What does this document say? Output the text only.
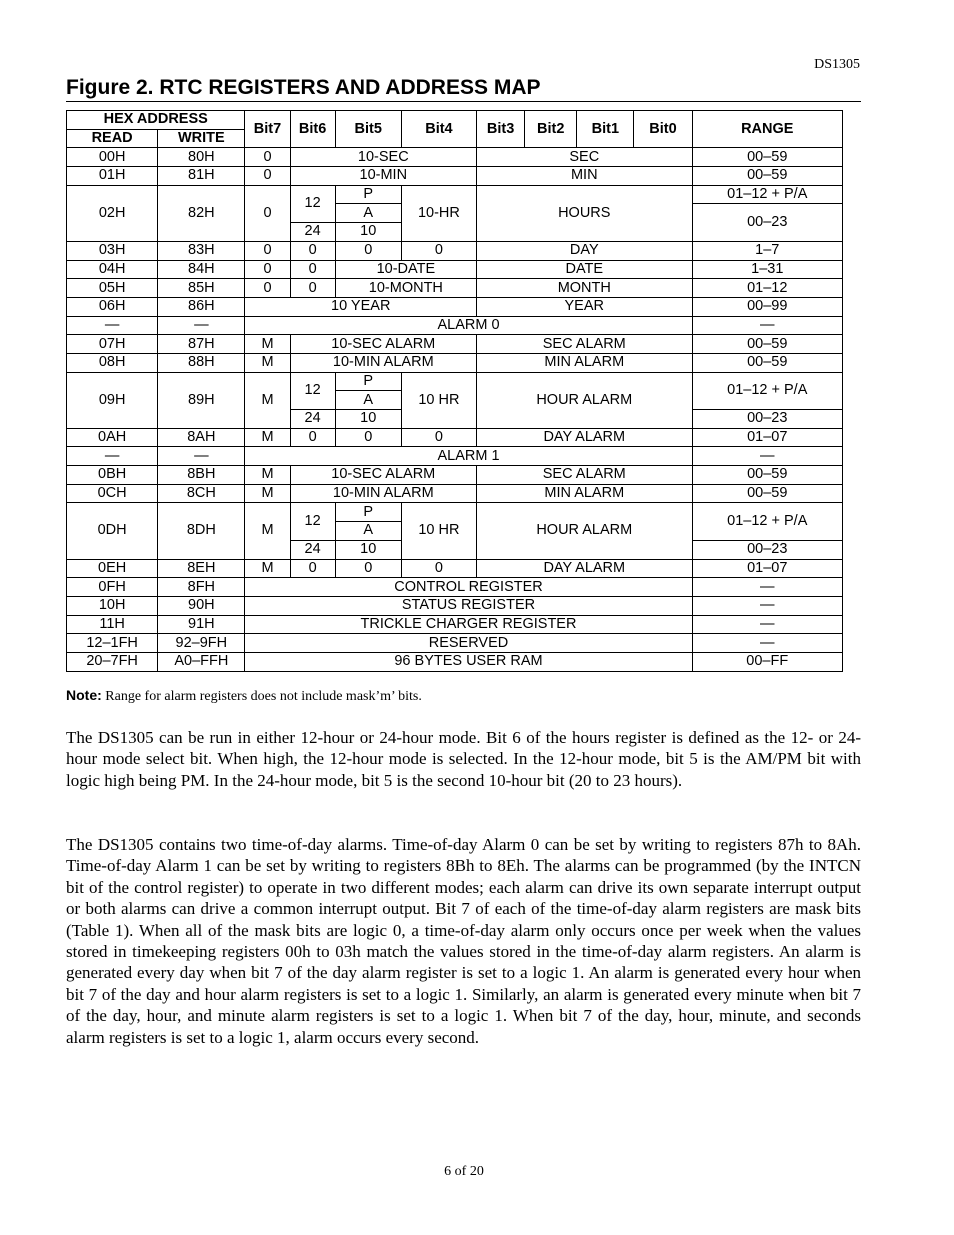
DS1305
Figure 2. RTC REGISTERS AND ADDRESS MAP
HEX ADDRESS		Bit7	Bit6	Bit5	Bit4	Bit3	Bit2	Bit1	Bit0	RANGE
READ	WRITE									
00H	80H	0	10-SEC			SEC				00–59
01H	81H	0	10-MIN			MIN				00–59
02H	82H	0	12	P	10-HR	HOURS				01–12 + P/A
				A						00–23
			24	10						
03H	83H	0	0	0	0	DAY				1–7
04H	84H	0	0	10-DATE		DATE				1–31
05H	85H	0	0	10-MONTH		MONTH				01–12
06H	86H	10 YEAR				YEAR				00–99
—	—	ALARM 0								—
07H	87H	M	10-SEC ALARM			SEC ALARM				00–59
08H	88H	M	10-MIN ALARM			MIN ALARM				00–59
09H	89H	M	12	P	10 HR	HOUR ALARM				01–12 + P/A
				A						
			24	10						00–23
0AH	8AH	M	0	0	0	DAY ALARM				01–07
—	—	ALARM 1								—
0BH	8BH	M	10-SEC ALARM			SEC ALARM				00–59
0CH	8CH	M	10-MIN ALARM			MIN ALARM				00–59
0DH	8DH	M	12	P	10 HR	HOUR ALARM				01–12 + P/A
				A						
			24	10						00–23
0EH	8EH	M	0	0	0	DAY ALARM				01–07
0FH	8FH	CONTROL REGISTER								—
10H	90H	STATUS REGISTER								—
11H	91H	TRICKLE CHARGER REGISTER								—
12–1FH	92–9FH	RESERVED								—
20–7FH	A0–FFH	96 BYTES USER RAM								00–FF

Note: Range for alarm registers does not include mask’m’ bits.

The DS1305 can be run in either 12-hour or 24-hour mode. Bit 6 of the hours register is defined as the 12- or 24-hour mode select bit. When high, the 12-hour mode is selected. In the 12-hour mode, bit 5 is the AM/PM bit with logic high being PM. In the 24-hour mode, bit 5 is the second 10-hour bit (20 to 23 hours).

The DS1305 contains two time-of-day alarms. Time-of-day Alarm 0 can be set by writing to registers 87h to 8Ah. Time-of-day Alarm 1 can be set by writing to registers 8Bh to 8Eh. The alarms can be programmed (by the INTCN bit of the control register) to operate in two different modes; each alarm can drive its own separate interrupt output or both alarms can drive a common interrupt output. Bit 7 of each of the time-of-day alarm registers are mask bits (Table 1). When all of the mask bits are logic 0, a time-of-day alarm only occurs once per week when the values stored in timekeeping registers 00h to 03h match the values stored in the time-of-day alarm registers. An alarm is generated every day when bit 7 of the day alarm register is set to a logic 1. An alarm is generated every hour when bit 7 of the day and hour alarm registers is set to a logic 1. Similarly, an alarm is generated every minute when bit 7 of the day, hour, and minute alarm registers is set to a logic 1. When bit 7 of the day, hour, minute, and seconds alarm registers is set to a logic 1, alarm occurs every second.

6 of 20
